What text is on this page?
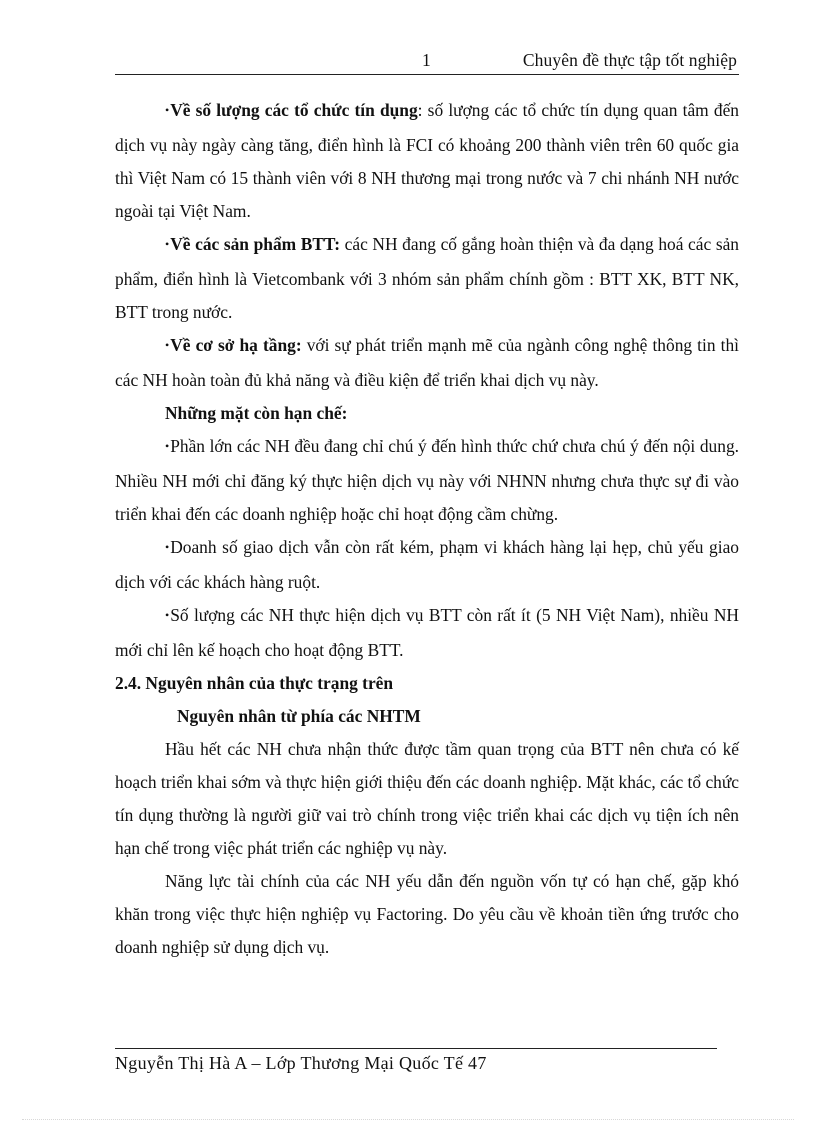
1	Chuyên đề thực tập tốt nghiệp

•Về số lượng các tổ chức tín dụng: số lượng các tổ chức tín dụng quan tâm đến dịch vụ này ngày càng tăng, điển hình là FCI có khoảng 200 thành viên trên 60 quốc gia thì Việt Nam có 15 thành viên với 8 NH thương mại trong nước và 7 chi nhánh NH nước ngoài tại Việt Nam.

•Về các sản phẩm BTT: các NH đang cố gắng hoàn thiện và đa dạng hoá các sản phẩm, điển hình là Vietcombank với 3 nhóm sản phẩm chính gồm : BTT XK, BTT NK, BTT trong nước.

•Về cơ sở hạ tầng: với sự phát triển mạnh mẽ của ngành công nghệ thông tin thì các NH hoàn toàn đủ khả năng và điều kiện để triển khai dịch vụ này.

Những mặt còn hạn chế:

•Phần lớn các NH đều đang chỉ chú ý đến hình thức chứ chưa chú ý đến nội dung. Nhiều NH mới chỉ đăng ký thực hiện dịch vụ này với NHNN nhưng chưa thực sự đi vào triển khai đến các doanh nghiệp hoặc chỉ hoạt động cầm chừng.

•Doanh số giao dịch vẫn còn rất kém, phạm vi khách hàng lại hẹp, chủ yếu giao dịch với các khách hàng ruột.

•Số lượng các NH thực hiện dịch vụ BTT còn rất ít (5 NH Việt Nam), nhiều NH mới chỉ lên kế hoạch cho hoạt động BTT.

2.4. Nguyên nhân của thực trạng trên

Nguyên nhân từ phía các NHTM

Hầu hết các NH chưa nhận thức được tầm quan trọng của BTT nên chưa có kế hoạch triển khai sớm và thực hiện giới thiệu đến các doanh nghiệp. Mặt khác, các tổ chức tín dụng thường là người giữ vai trò chính trong việc triển khai các dịch vụ tiện ích nên hạn chế trong việc phát triển các nghiệp vụ này.

Năng lực tài chính của các NH yếu dẫn đến nguồn vốn tự có hạn chế, gặp khó khăn trong việc thực hiện nghiệp vụ Factoring. Do yêu cầu về khoản tiền ứng trước cho doanh nghiệp sử dụng dịch vụ.

Nguyễn Thị Hà A – Lớp Thương Mại Quốc Tế 47
